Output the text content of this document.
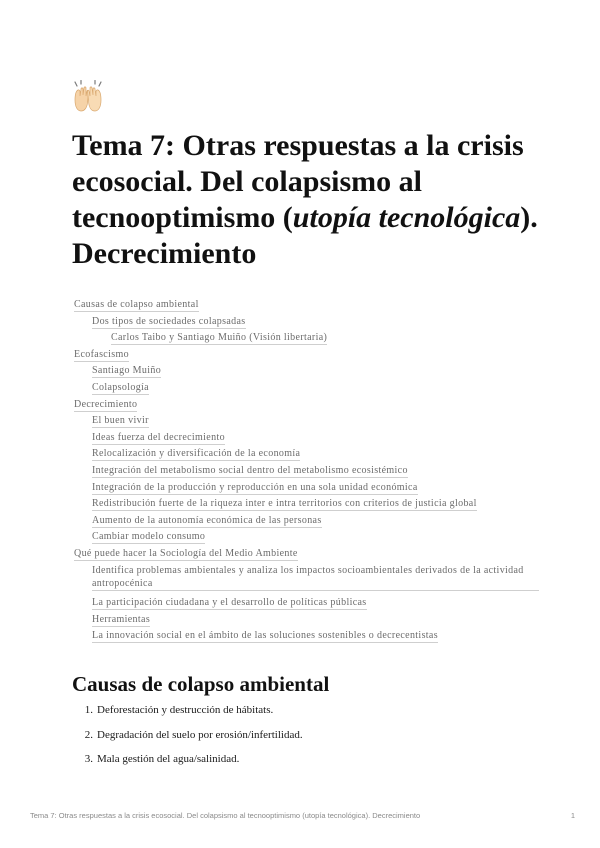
Tema 7: Otras respuestas a la crisis ecosocial. Del colapsismo al tecnooptimismo (utopía tecnológica). Decrecimiento
Causas de colapso ambiental
Dos tipos de sociedades colapsadas
Carlos Taibo y Santiago Muiño (Visión libertaria)
Ecofascismo
Santiago Muiño
Colapsología
Decrecimiento
El buen vivir
Ideas fuerza del decrecimiento
Relocalización y diversificación de la economía
Integración del metabolismo social dentro del metabolismo ecosistémico
Integración de la producción y reproducción en una sola unidad económica
Redistribución fuerte de la riqueza inter e intra territorios con criterios de justicia global
Aumento de la autonomía económica de las personas
Cambiar modelo consumo
Qué puede hacer la Sociología del Medio Ambiente
Identifica problemas ambientales y analiza los impactos socioambientales derivados de la actividad antropocénica
La participación ciudadana y el desarrollo de políticas públicas
Herramientas
La innovación social en el ámbito de las soluciones sostenibles o decrecentistas
Causas de colapso ambiental
1. Deforestación y destrucción de hábitats.
2. Degradación del suelo por erosión/infertilidad.
3. Mala gestión del agua/salinidad.
Tema 7: Otras respuestas a la crisis ecosocial. Del colapsismo al tecnooptimismo (utopía tecnológica). Decrecimiento	1
